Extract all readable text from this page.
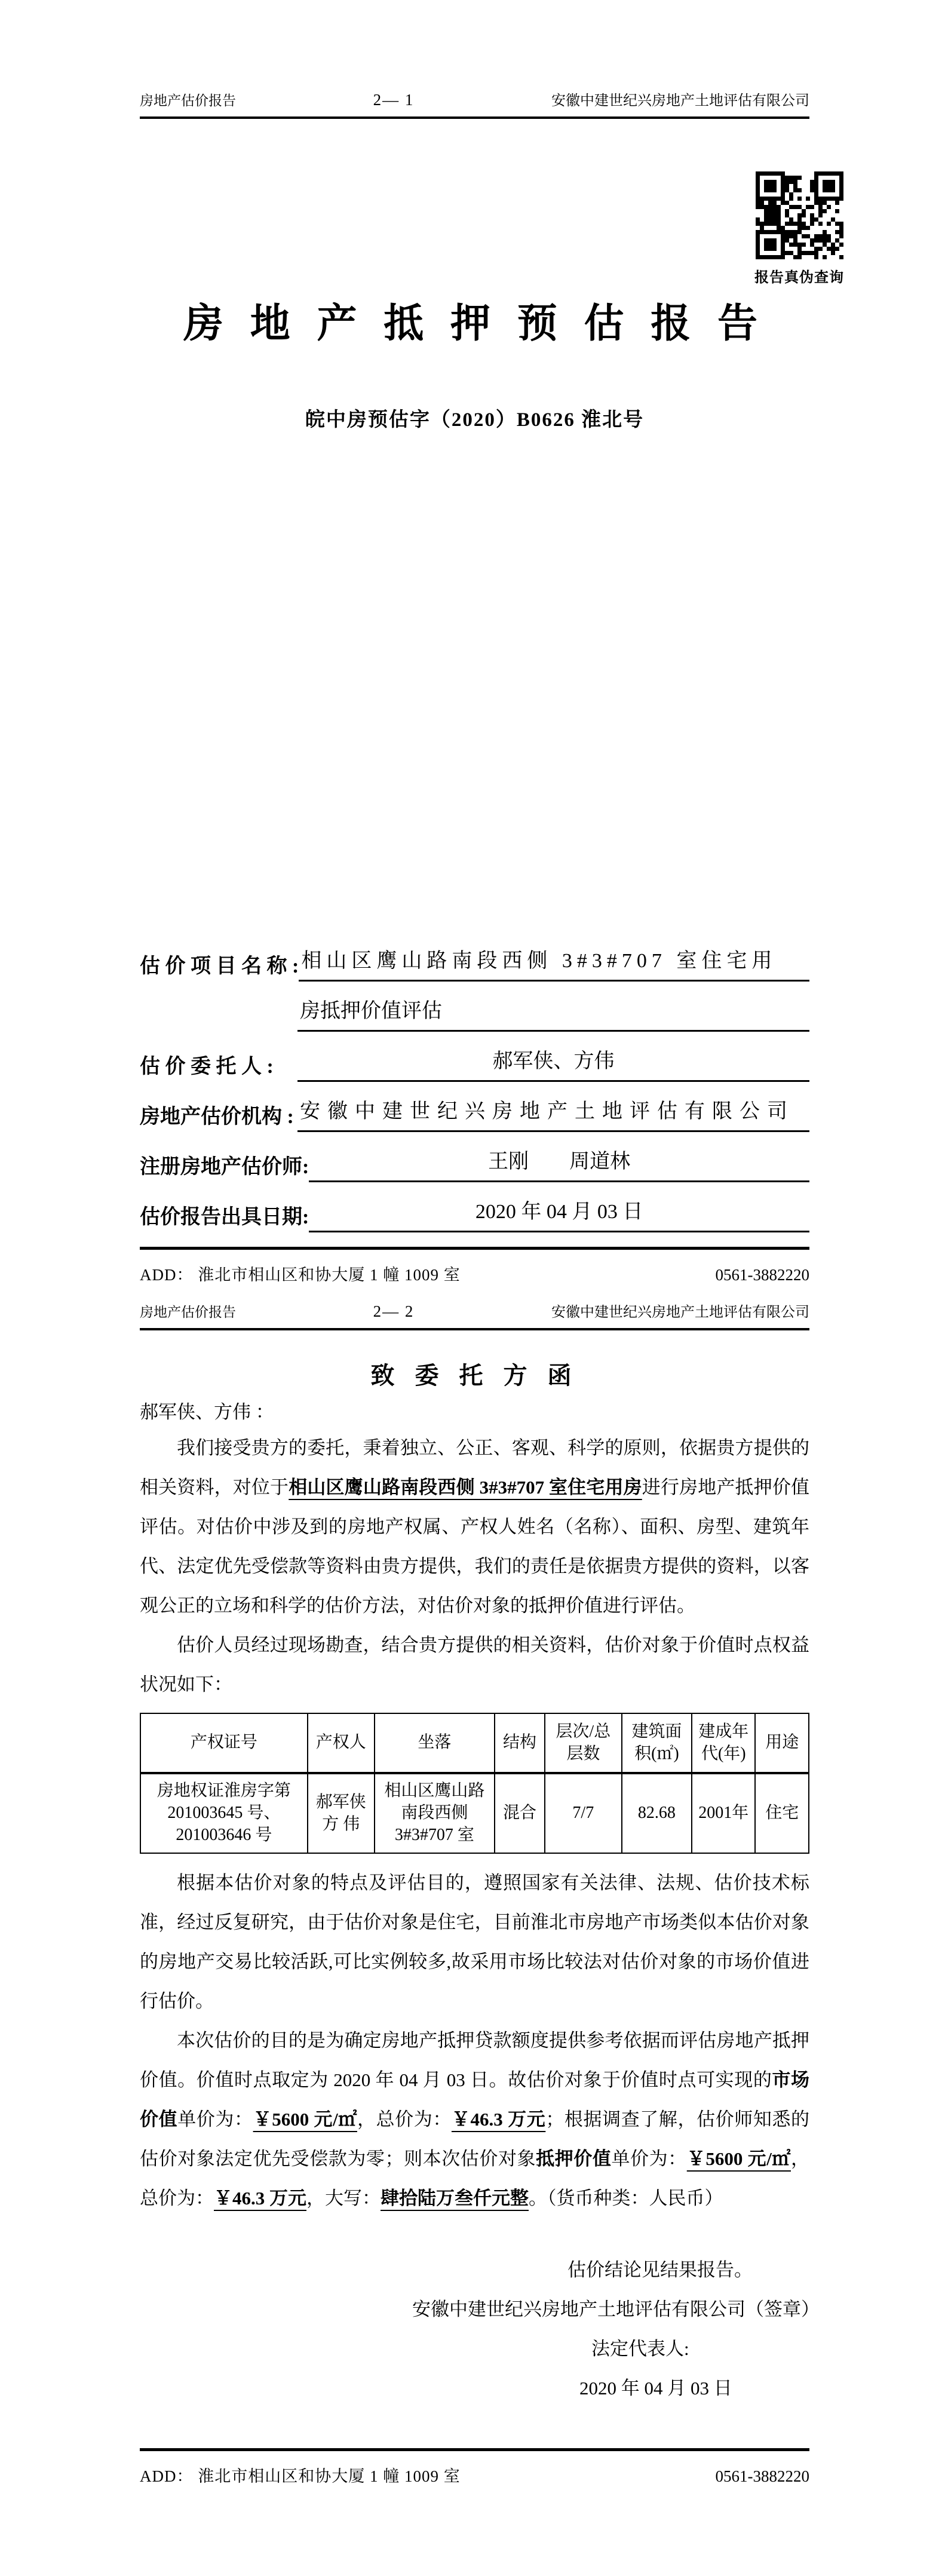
房地产估价报告	2— 1	安徽中建世纪兴房地产土地评估有限公司
房 地 产 抵 押 预 估 报 告
皖中房预估字（2020）B0626 淮北号
估 价 项 目 名 称 : 相山区鹰山路南段西侧 3#3#707 室住宅用
房抵押价值评估
估 价 委 托 人 :	郝军侠、方伟
房地产估价机构 : 安徽中建世纪兴房地产土地评估有限公司
注册房地产估价师:	王刚　　周道林
估价报告出具日期:	2020 年 04 月 03 日
ADD： 淮北市相山区和协大厦 1 幢 1009 室	0561-3882220
房地产估价报告	2— 2	安徽中建世纪兴房地产土地评估有限公司
致 委 托 方 函
郝军侠、方伟 ：
我们接受贵方的委托，秉着独立、公正、客观、科学的原则，依据贵方提供的相关资料，对位于相山区鹰山路南段西侧 3#3#707 室住宅用房进行房地产抵押价值评估。对估价中涉及到的房地产权属、产权人姓名（名称）、面积、房型、建筑年代、法定优先受偿款等资料由贵方提供，我们的责任是依据贵方提供的资料，以客观公正的立场和科学的估价方法，对估价对象的抵押价值进行评估。
估价人员经过现场勘查，结合贵方提供的相关资料，估价对象于价值时点权益状况如下：
产权证号	产权人	坐落	结构	层次/总层数	建筑面积(㎡)	建成年代(年)	用途
房地权证淮房字第201003645 号、201003646 号	郝军侠 方 伟	相山区鹰山路南段西侧3#3#707 室	混合	7/7	82.68	2001年	住宅
根据本估价对象的特点及评估目的，遵照国家有关法律、法规、估价技术标准，经过反复研究，由于估价对象是住宅，目前淮北市房地产市场类似本估价对象的房地产交易比较活跃,可比实例较多,故采用市场比较法对估价对象的市场价值进行估价。
本次估价的目的是为确定房地产抵押贷款额度提供参考依据而评估房地产抵押价值。价值时点取定为 2020 年 04 月 03 日。故估价对象于价值时点可实现的市场价值单价为：￥5600 元/㎡，总价为：￥46.3 万元；根据调查了解，估价师知悉的估价对象法定优先受偿款为零；则本次估价对象抵押价值单价为：￥5600 元/㎡，总价为：￥46.3 万元，大写：肆拾陆万叁仟元整。（货币种类：人民币）
估价结论见结果报告。
安徽中建世纪兴房地产土地评估有限公司（签章）
法定代表人:
2020 年 04 月 03 日
报告真伪查询
ADD： 淮北市相山区和协大厦 1 幢 1009 室	0561-3882220
